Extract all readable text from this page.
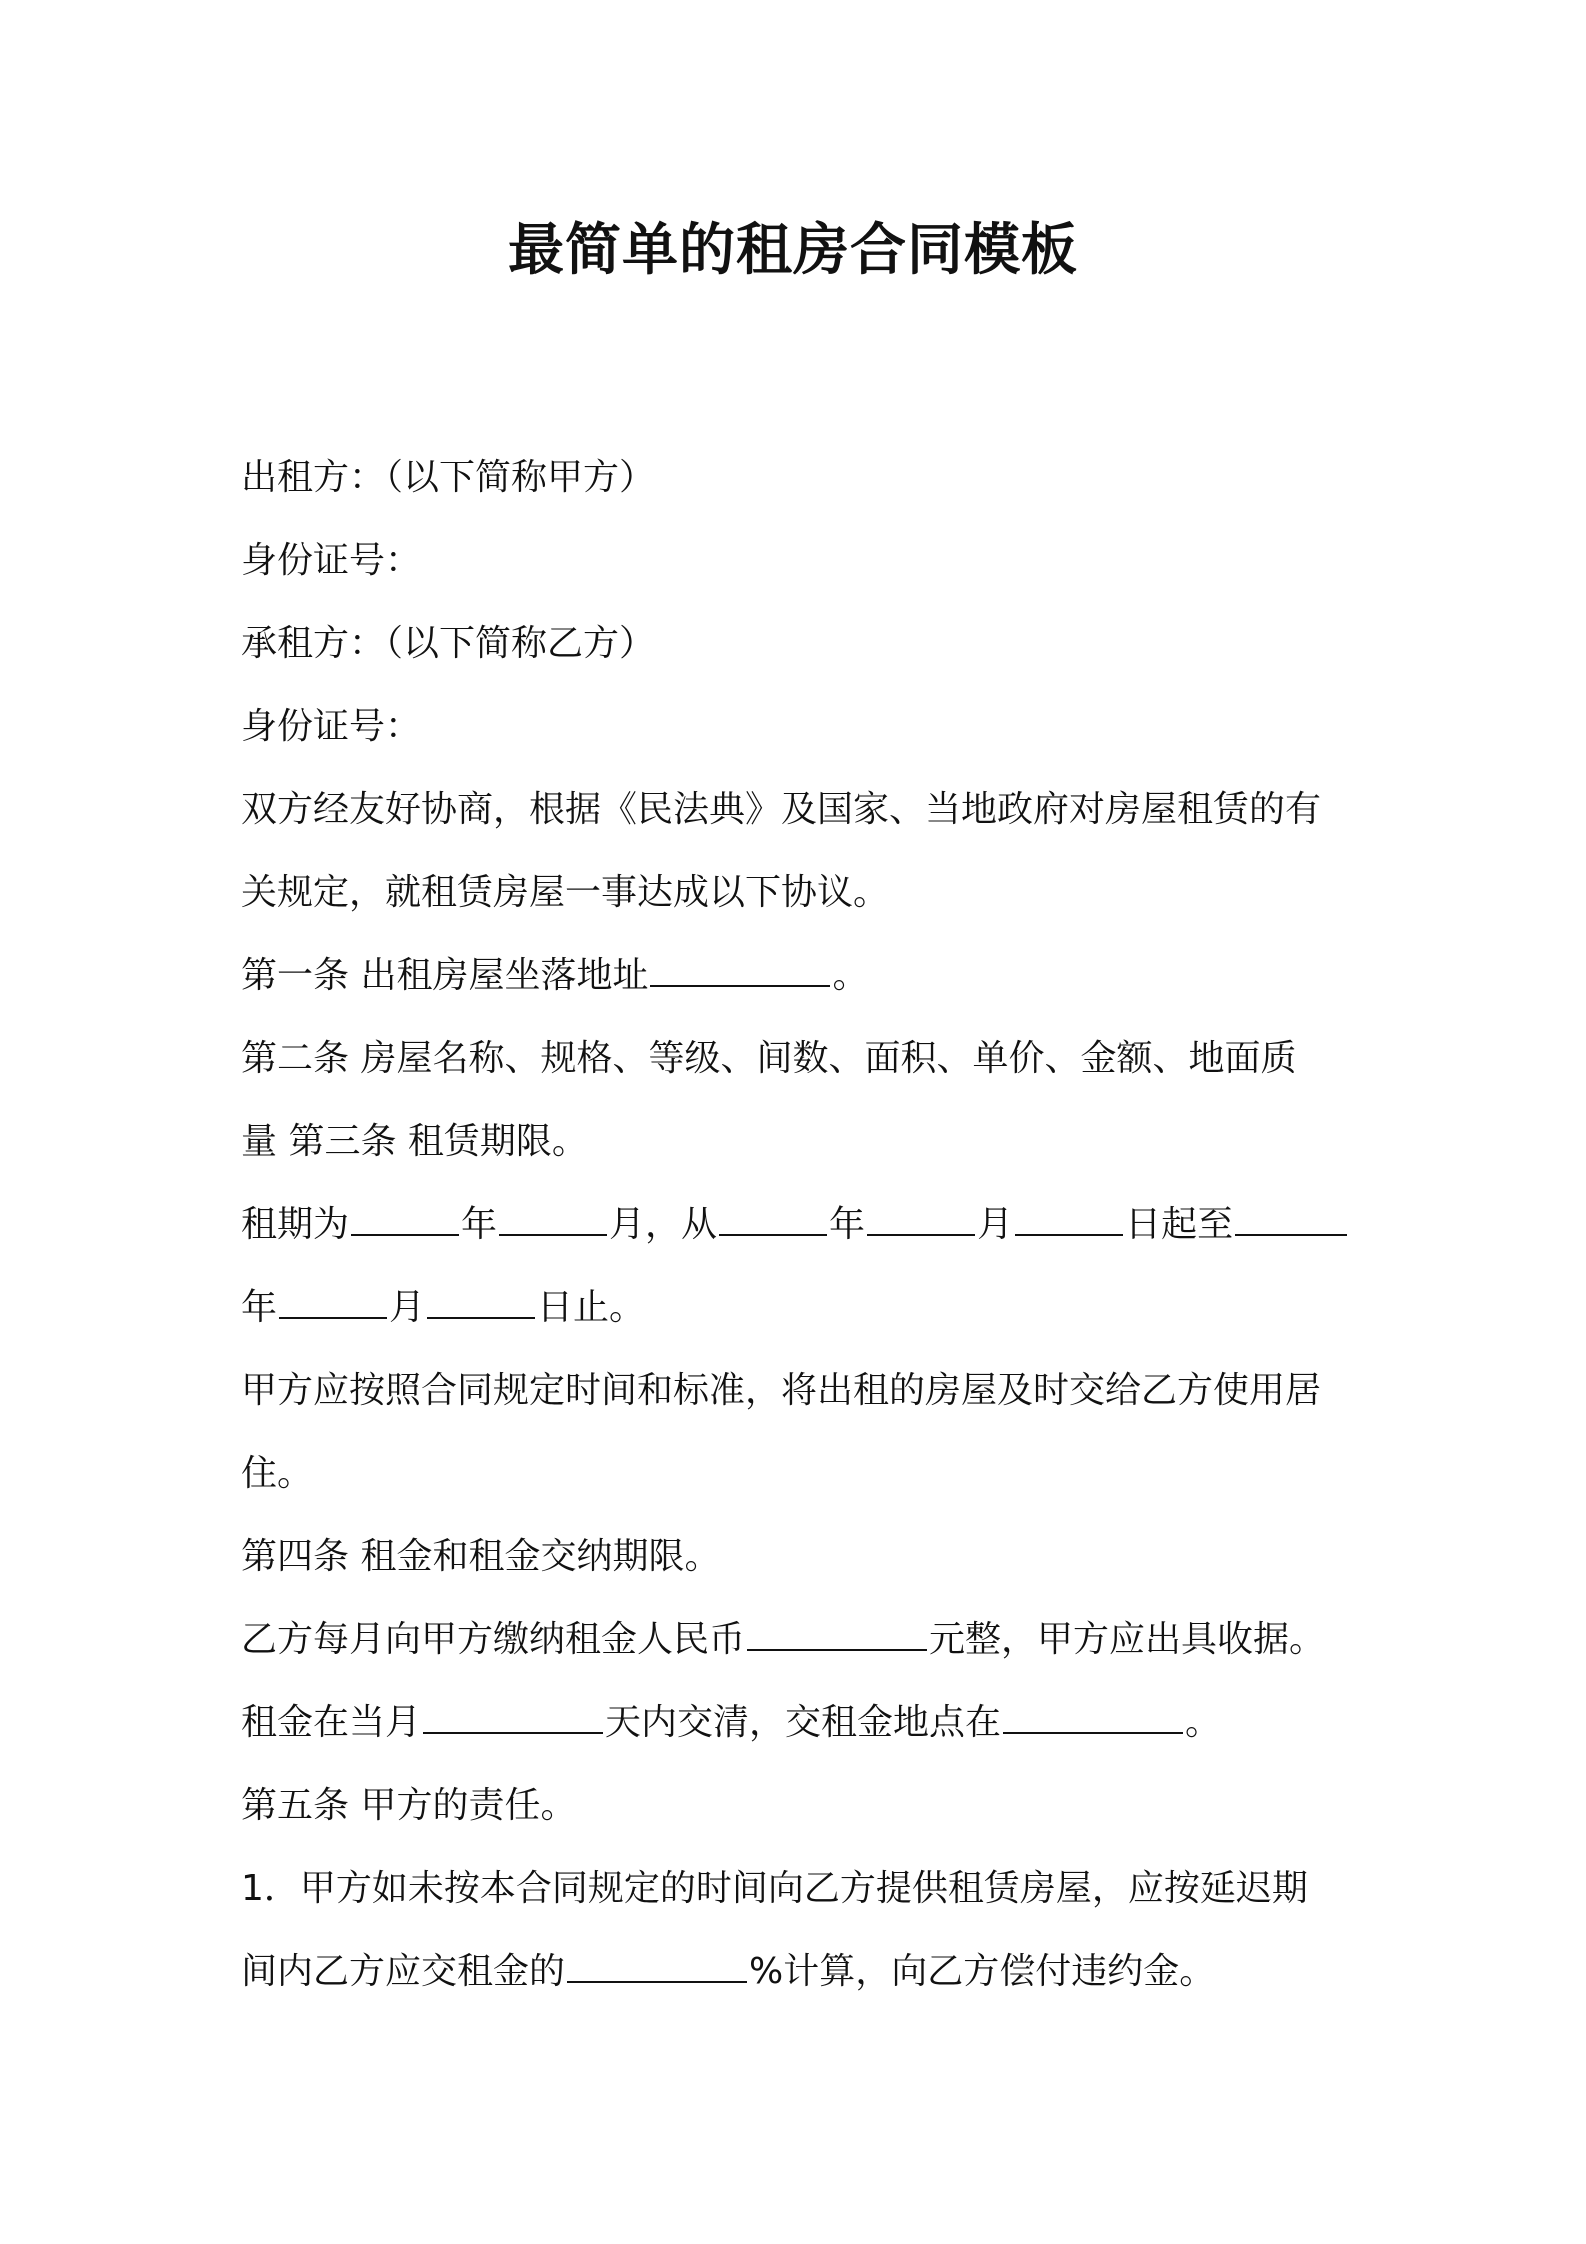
最简单的租房合同模板
出租方：（以下简称甲方）
身份证号：
承租方：（以下简称乙方）
身份证号：
双方经友好协商，根据《民法典》及国家、当地政府对房屋租赁的有
关规定，就租赁房屋一事达成以下协议。
第一条 出租房屋坐落地址	。
第二条 房屋名称、规格、等级、间数、面积、单价、金额、地面质
量 第三条 租赁期限。
租期为	年	月，从	年	月	日起至
年	月	日止。
甲方应按照合同规定时间和标准，将出租的房屋及时交给乙方使用居
住。
第四条 租金和租金交纳期限。
乙方每月向甲方缴纳租金人民币	元整，甲方应出具收据。
租金在当月	天内交清，交租金地点在	。
第五条 甲方的责任。
1．甲方如未按本合同规定的时间向乙方提供租赁房屋，应按延迟期
间内乙方应交租金的	%计算，向乙方偿付违约金。
